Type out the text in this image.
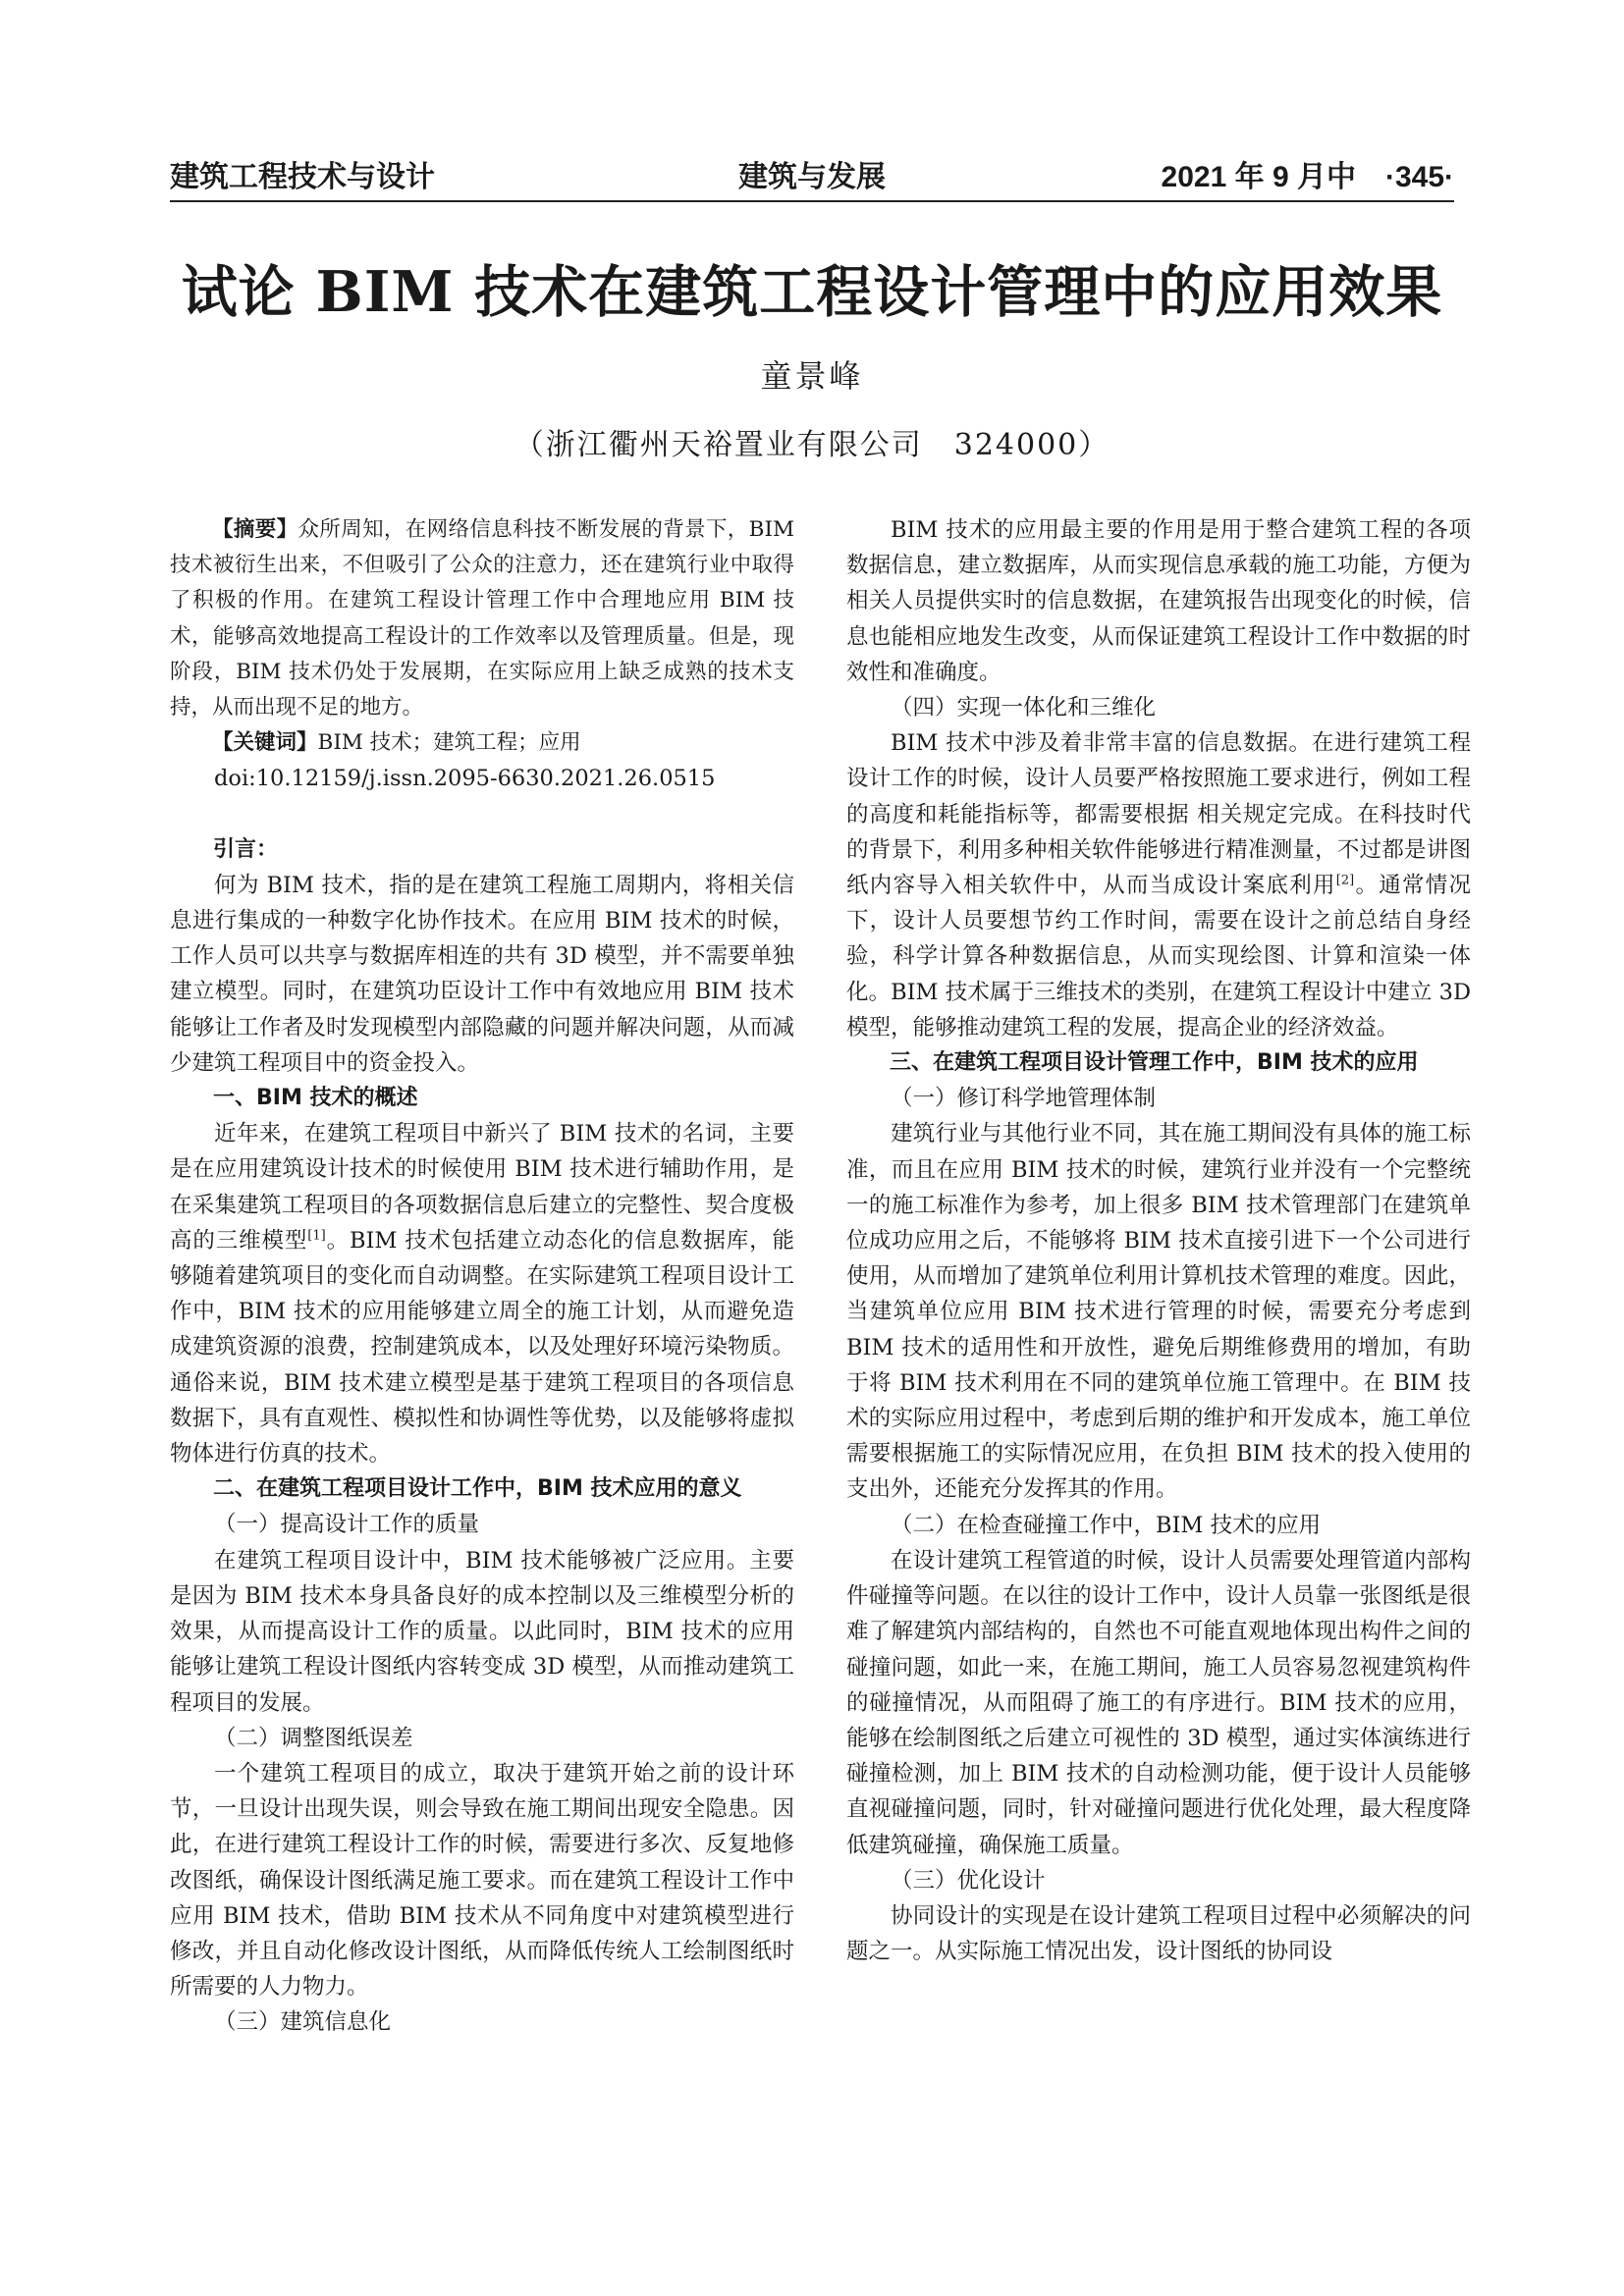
建筑工程技术与设计	建筑与发展	2021 年 9 月中　·345·
试论 BIM 技术在建筑工程设计管理中的应用效果
童景峰
（浙江衢州天裕置业有限公司　324000）

【摘要】众所周知，在网络信息科技不断发展的背景下，BIM 技术被衍生出来，不但吸引了公众的注意力，还在建筑行业中取得了积极的作用。在建筑工程设计管理工作中合理地应用 BIM 技术，能够高效地提高工程设计的工作效率以及管理质量。但是，现阶段，BIM 技术仍处于发展期，在实际应用上缺乏成熟的技术支持，从而出现不足的地方。

【关键词】BIM 技术；建筑工程；应用

doi:10.12159/j.issn.2095-6630.2021.26.0515

引言：

何为 BIM 技术，指的是在建筑工程施工周期内，将相关信息进行集成的一种数字化协作技术。在应用 BIM 技术的时候，工作人员可以共享与数据库相连的共有 3D 模型，并不需要单独建立模型。同时，在建筑功臣设计工作中有效地应用 BIM 技术能够让工作者及时发现模型内部隐藏的问题并解决问题，从而减少建筑工程项目中的资金投入。

一、BIM 技术的概述

近年来，在建筑工程项目中新兴了 BIM 技术的名词，主要是在应用建筑设计技术的时候使用 BIM 技术进行辅助作用，是在采集建筑工程项目的各项数据信息后建立的完整性、契合度极高的三维模型[1]。BIM 技术包括建立动态化的信息数据库，能够随着建筑项目的变化而自动调整。在实际建筑工程项目设计工作中，BIM 技术的应用能够建立周全的施工计划，从而避免造成建筑资源的浪费，控制建筑成本，以及处理好环境污染物质。通俗来说，BIM 技术建立模型是基于建筑工程项目的各项信息数据下，具有直观性、模拟性和协调性等优势，以及能够将虚拟物体进行仿真的技术。

二、在建筑工程项目设计工作中，BIM 技术应用的意义

（一）提高设计工作的质量

在建筑工程项目设计中，BIM 技术能够被广泛应用。主要是因为 BIM 技术本身具备良好的成本控制以及三维模型分析的效果，从而提高设计工作的质量。以此同时，BIM 技术的应用能够让建筑工程设计图纸内容转变成 3D 模型，从而推动建筑工程项目的发展。

（二）调整图纸误差

一个建筑工程项目的成立，取决于建筑开始之前的设计环节，一旦设计出现失误，则会导致在施工期间出现安全隐患。因此，在进行建筑工程设计工作的时候，需要进行多次、反复地修改图纸，确保设计图纸满足施工要求。而在建筑工程设计工作中应用 BIM 技术，借助 BIM 技术从不同角度中对建筑模型进行修改，并且自动化修改设计图纸，从而降低传统人工绘制图纸时所需要的人力物力。

（三）建筑信息化

BIM 技术的应用最主要的作用是用于整合建筑工程的各项数据信息，建立数据库，从而实现信息承载的施工功能，方便为相关人员提供实时的信息数据，在建筑报告出现变化的时候，信息也能相应地发生改变，从而保证建筑工程设计工作中数据的时效性和准确度。

（四）实现一体化和三维化

BIM 技术中涉及着非常丰富的信息数据。在进行建筑工程设计工作的时候，设计人员要严格按照施工要求进行，例如工程的高度和耗能指标等，都需要根据 相关规定完成。在科技时代的背景下，利用多种相关软件能够进行精准测量，不过都是讲图纸内容导入相关软件中，从而当成设计案底利用[2]。通常情况下，设计人员要想节约工作时间，需要在设计之前总结自身经验，科学计算各种数据信息，从而实现绘图、计算和渲染一体化。BIM 技术属于三维技术的类别，在建筑工程设计中建立 3D 模型，能够推动建筑工程的发展，提高企业的经济效益。

三、在建筑工程项目设计管理工作中，BIM 技术的应用

（一）修订科学地管理体制

建筑行业与其他行业不同，其在施工期间没有具体的施工标准，而且在应用 BIM 技术的时候，建筑行业并没有一个完整统一的施工标准作为参考，加上很多 BIM 技术管理部门在建筑单位成功应用之后，不能够将 BIM 技术直接引进下一个公司进行使用，从而增加了建筑单位利用计算机技术管理的难度。因此，当建筑单位应用 BIM 技术进行管理的时候，需要充分考虑到 BIM 技术的适用性和开放性，避免后期维修费用的增加，有助于将 BIM 技术利用在不同的建筑单位施工管理中。在 BIM 技术的实际应用过程中，考虑到后期的维护和开发成本，施工单位需要根据施工的实际情况应用，在负担 BIM 技术的投入使用的支出外，还能充分发挥其的作用。

（二）在检查碰撞工作中，BIM 技术的应用

在设计建筑工程管道的时候，设计人员需要处理管道内部构件碰撞等问题。在以往的设计工作中，设计人员靠一张图纸是很难了解建筑内部结构的，自然也不可能直观地体现出构件之间的碰撞问题，如此一来，在施工期间，施工人员容易忽视建筑构件的碰撞情况，从而阻碍了施工的有序进行。BIM 技术的应用，能够在绘制图纸之后建立可视性的 3D 模型，通过实体演练进行碰撞检测，加上 BIM 技术的自动检测功能，便于设计人员能够直视碰撞问题，同时，针对碰撞问题进行优化处理，最大程度降低建筑碰撞，确保施工质量。

（三）优化设计

协同设计的实现是在设计建筑工程项目过程中必须解决的问题之一。从实际施工情况出发，设计图纸的协同设
